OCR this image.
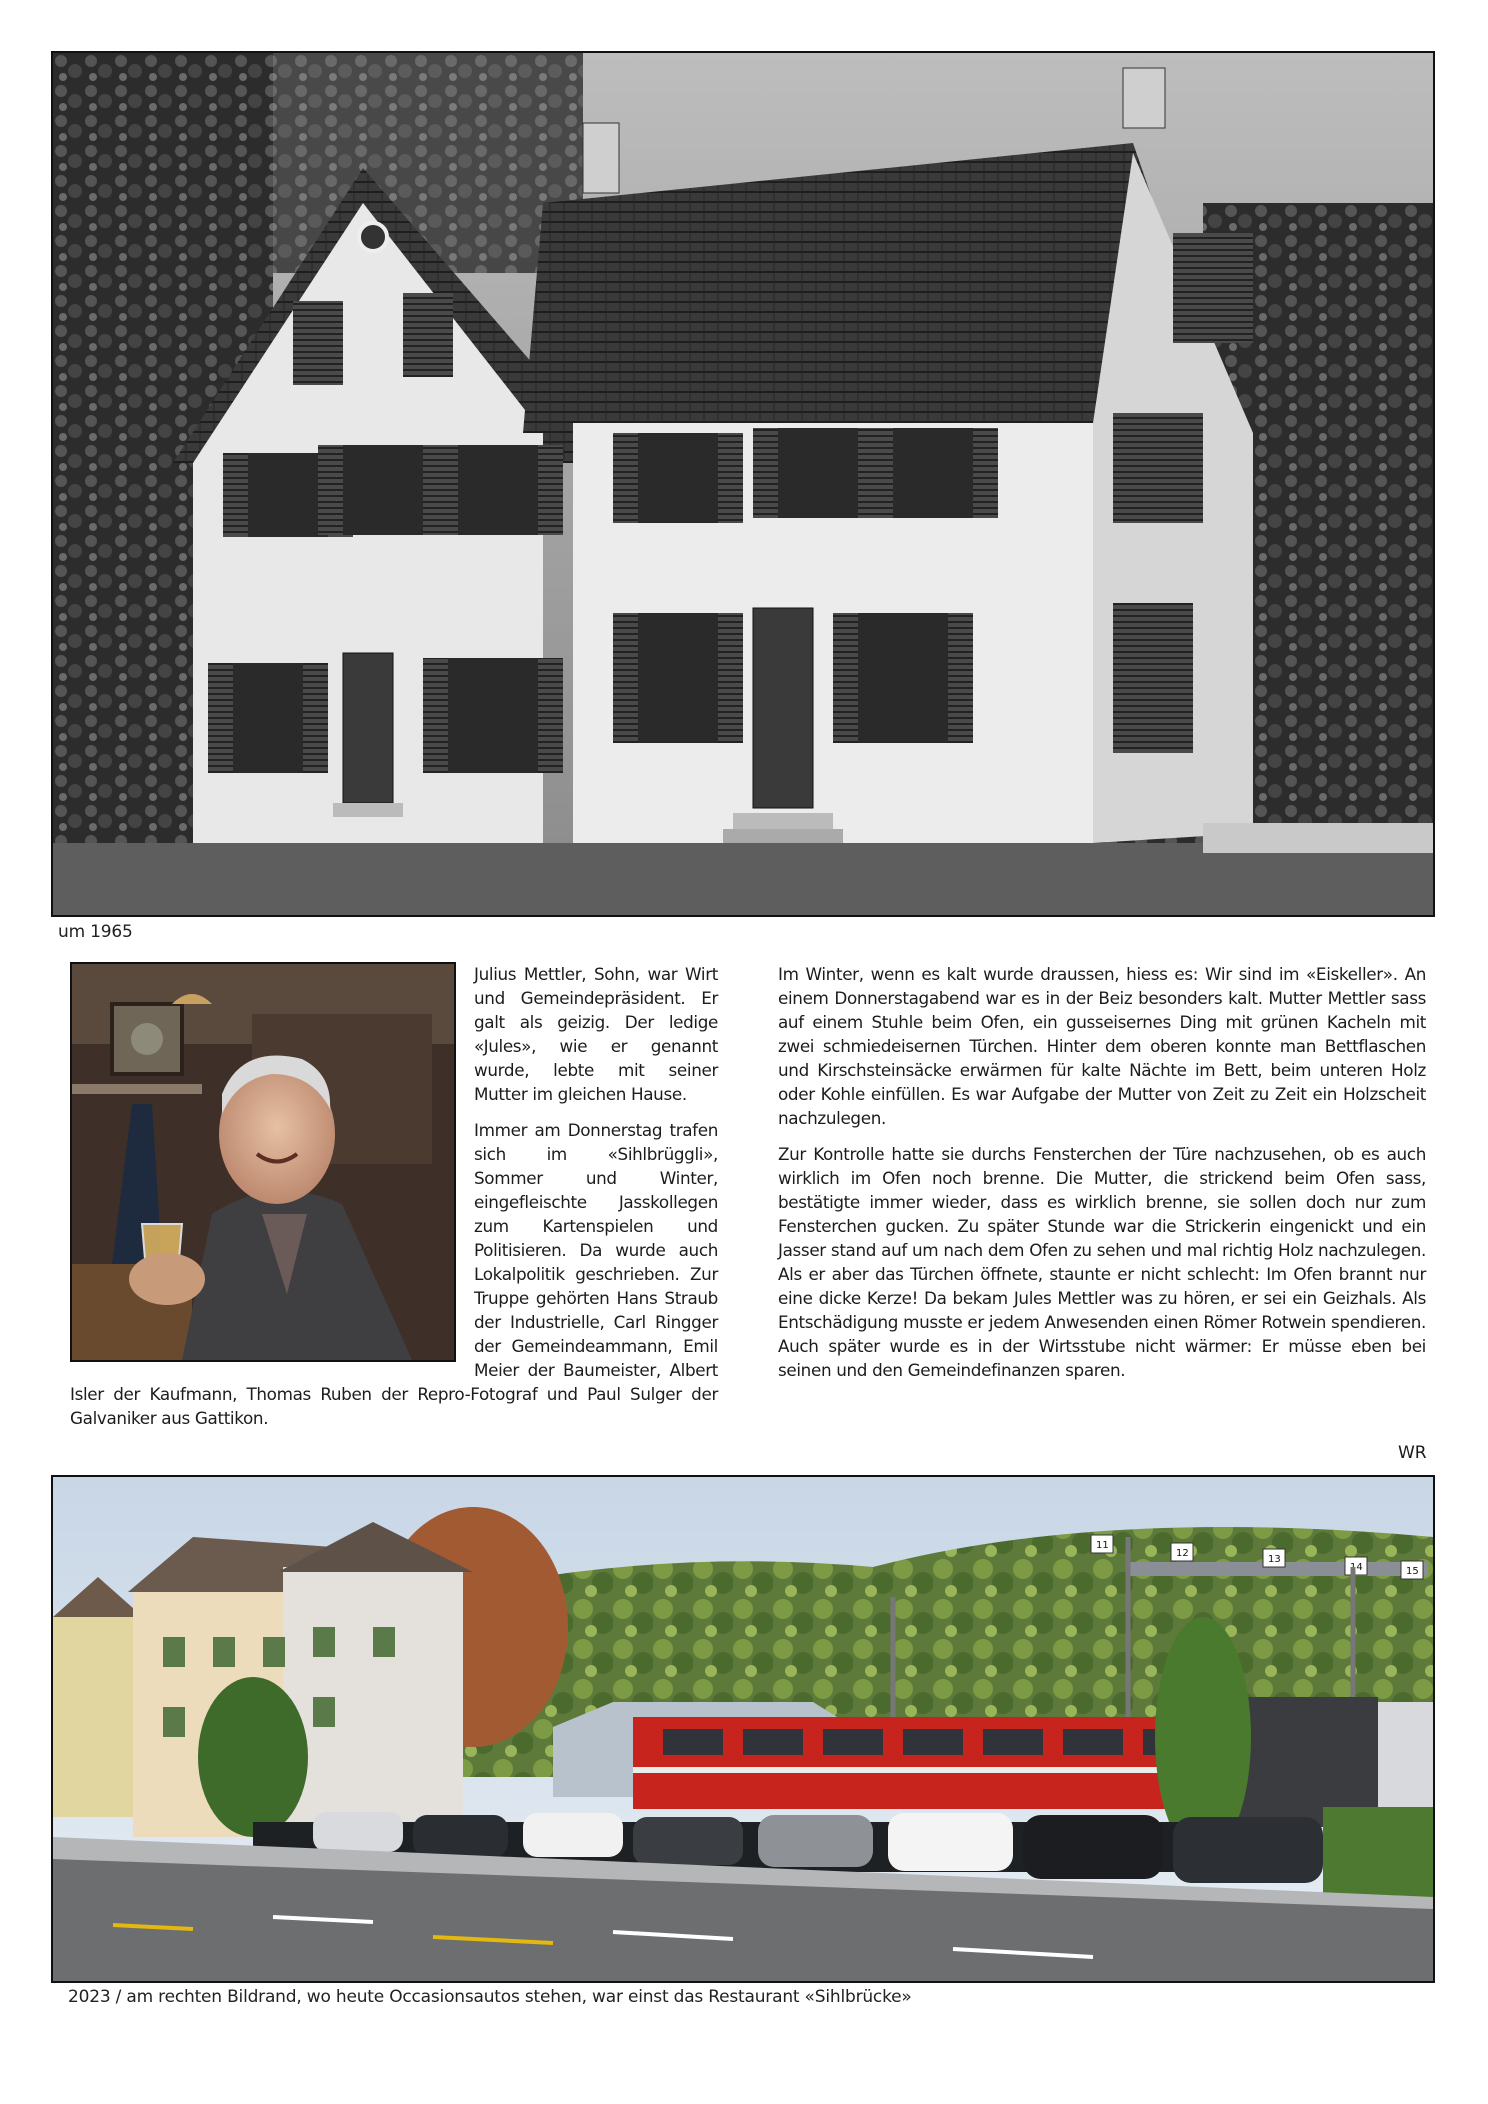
um 1965

Julius Mettler, Sohn, war Wirt und Gemeindepräsident. Er galt als geizig. Der ledige «Jules», wie er genannt wurde, lebte mit seiner Mutter im gleichen Hause.

Immer am Donnerstag trafen sich im «Sihlbrüggli», Sommer und Winter, eingefleischte Jasskollegen zum Kartenspielen und Politisieren. Da wurde auch Lokalpolitik geschrieben. Zur Truppe gehörten Hans Straub der Industrielle, Carl Ringger der Gemeindeammann, Emil Meier der Baumeister, Albert Isler der Kaufmann, Thomas Ruben der Repro-Fotograf und Paul Sulger der Galvaniker aus Gattikon.

Im Winter, wenn es kalt wurde draussen, hiess es: Wir sind im «Eiskeller». An einem Donnerstagabend war es in der Beiz besonders kalt. Mutter Mettler sass auf einem Stuhle beim Ofen, ein gusseisernes Ding mit grünen Kacheln mit zwei schmiedeisernen Türchen. Hinter dem oberen konnte man Bettflaschen und Kirschsteinsäcke erwärmen für kalte Nächte im Bett, beim unteren Holz oder Kohle einfüllen. Es war Aufgabe der Mutter von Zeit zu Zeit ein Holzscheit nachzulegen.

Zur Kontrolle hatte sie durchs Fensterchen der Türe nachzusehen, ob es auch wirklich im Ofen noch brenne. Die Mutter, die strickend beim Ofen sass, bestätigte immer wieder, dass es wirklich brenne, sie sollen doch nur zum Fensterchen gucken. Zu später Stunde war die Strickerin eingenickt und ein Jasser stand auf um nach dem Ofen zu sehen und mal richtig Holz nachzulegen. Als er aber das Türchen öffnete, staunte er nicht schlecht: Im Ofen brannt nur eine dicke Kerze! Da bekam Jules Mettler was zu hören, er sei ein Geizhals. Als Entschädigung musste er jedem Anwesenden einen Römer Rotwein spendieren. Auch später wurde es in der Wirtsstube nicht wärmer: Er müsse eben bei seinen und den Gemeindefinanzen sparen.

WR
11
12
13
14	15
2023 / am rechten Bildrand, wo heute Occasionsautos stehen, war einst das Restaurant «Sihlbrücke»
